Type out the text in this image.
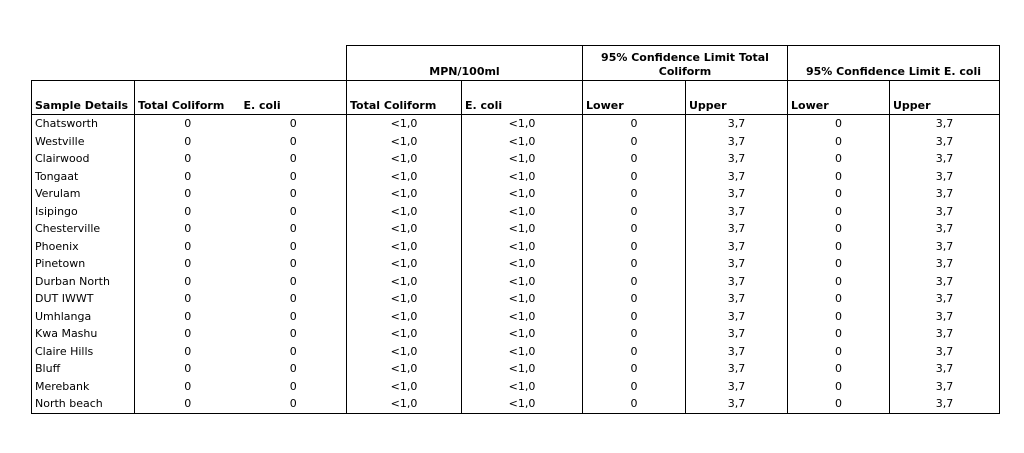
			MPN/100ml		95% Confidence Limit Total Coliform		95% Confidence Limit E. coli	
Sample Details	Total Coliform	E. coli	Total Coliform	E. coli	Lower	Upper	Lower	Upper
Chatsworth	0	0	<1,0	<1,0	0	3,7	0	3,7
Westville	0	0	<1,0	<1,0	0	3,7	0	3,7
Clairwood	0	0	<1,0	<1,0	0	3,7	0	3,7
Tongaat	0	0	<1,0	<1,0	0	3,7	0	3,7
Verulam	0	0	<1,0	<1,0	0	3,7	0	3,7
Isipingo	0	0	<1,0	<1,0	0	3,7	0	3,7
Chesterville	0	0	<1,0	<1,0	0	3,7	0	3,7
Phoenix	0	0	<1,0	<1,0	0	3,7	0	3,7
Pinetown	0	0	<1,0	<1,0	0	3,7	0	3,7
Durban North	0	0	<1,0	<1,0	0	3,7	0	3,7
DUT IWWT	0	0	<1,0	<1,0	0	3,7	0	3,7
Umhlanga	0	0	<1,0	<1,0	0	3,7	0	3,7
Kwa Mashu	0	0	<1,0	<1,0	0	3,7	0	3,7
Claire Hills	0	0	<1,0	<1,0	0	3,7	0	3,7
Bluff	0	0	<1,0	<1,0	0	3,7	0	3,7
Merebank	0	0	<1,0	<1,0	0	3,7	0	3,7
North beach	0	0	<1,0	<1,0	0	3,7	0	3,7
